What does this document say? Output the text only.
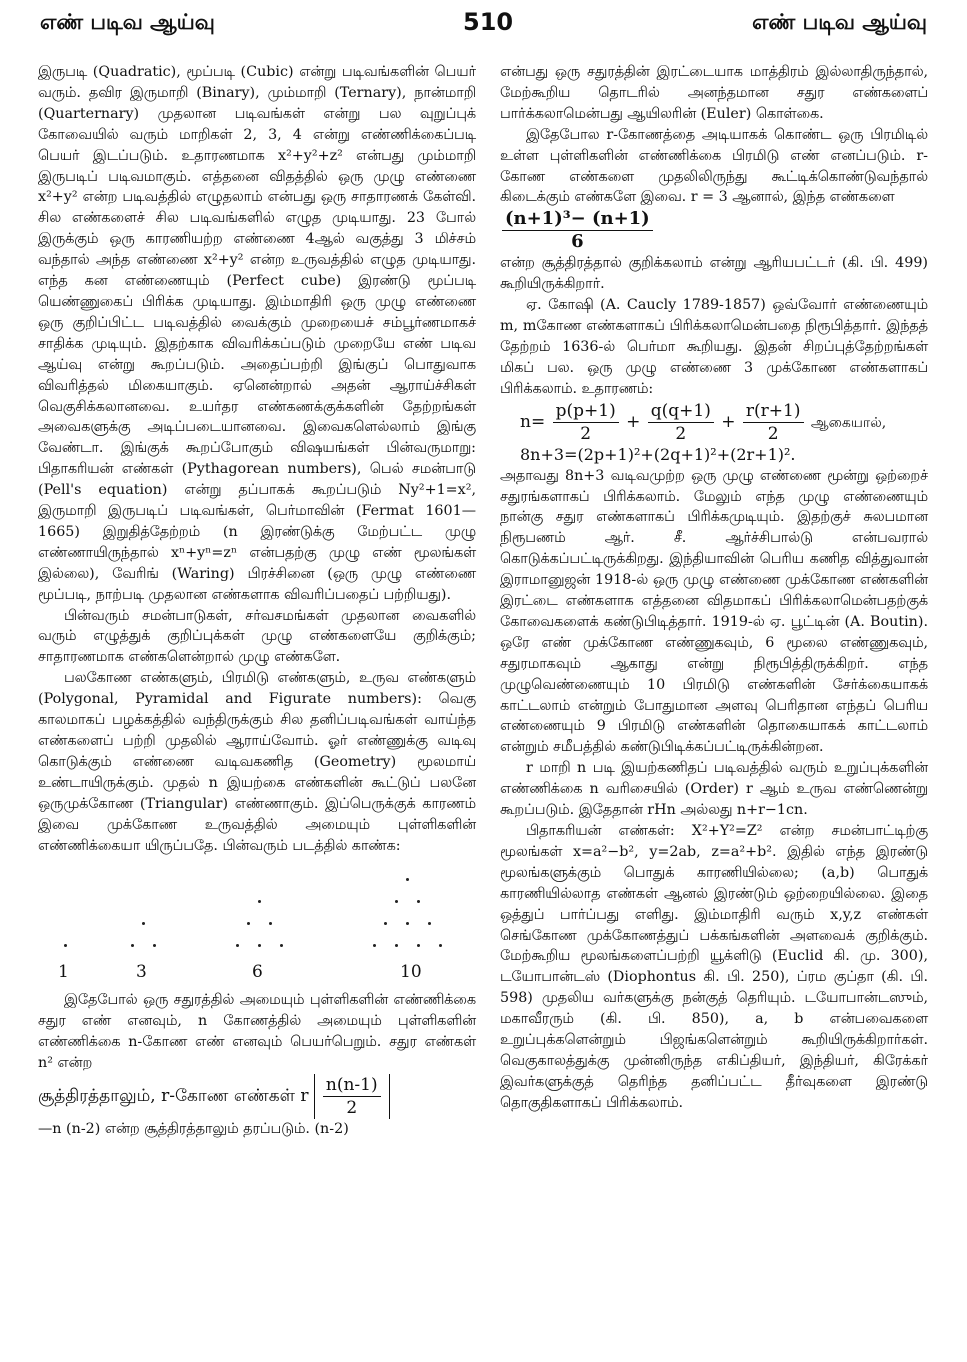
எண் படிவ ஆய்வு	510	எண் படிவ ஆய்வு

இருபடி (Quadratic), மூப்படி (Cubic) என்று படிவங்களின் பெயர் வரும். தவிர இருமாறி (Binary), மும்மாறி (Ternary), நான்மாறி (Quarternary) முதலான படிவங்கள் என்று பல வுறுப்புக் கோவையில் வரும் மாறிகள் 2, 3, 4 என்று எண்ணிக்கைப்படி பெயர் இடப்படும். உதாரணமாக x²+y²+z² என்பது மும்மாறி இருபடிப் படிவமாகும். எத்தனை விதத்தில் ஒரு முழு எண்ணை x²+y² என்ற படிவத்தில் எழுதலாம் என்பது ஒரு சாதாரணக் கேள்வி. சில எண்களைச் சில படிவங்களில் எழுத முடியாது. 23 போல் இருக்கும் ஒரு காரணியற்ற எண்ணை 4ஆல் வகுத்து 3 மிச்சம் வந்தால் அந்த எண்ணை x²+y² என்ற உருவத்தில் எழுத முடியாது. எந்த கன எண்ணையும் (Perfect cube) இரண்டு மூப்படி யெண்ணுகைப் பிரிக்க முடியாது. இம்மாதிரி ஒரு முழு எண்ணை ஒரு குறிப்பிட்ட படிவத்தில் வைக்கும் முறையைச் சம்பூர்ணமாகச் சாதிக்க முடியும். இதற்காக விவரிக்கப்படும் முறையே எண் படிவ ஆய்வு என்று கூறப்படும். அதைப்பற்றி இங்குப் பொதுவாக விவரித்தல் மிகையாகும். ஏனென்றால் அதன் ஆராய்ச்சிகள் வெகுசிக்கலானவை. உயர்தர எண்கணக்குக்களின் தேற்றங்கள் அவைகளுக்கு அடிப்படையானவை. இவைகளெல்லாம் இங்கு வேண்டா. இங்குக் கூறப்போகும் விஷயங்கள் பின்வருமாறு: பிதாகரியன் எண்கள் (Pythagorean numbers), பெல் சமன்பாடு (Pell's equation) என்று தப்பாகக் கூறப்படும் Ny²+1=x², இருமாறி இருபடிப் படிவங்கள், பெர்மாவின் (Fermat 1601—1665) இறுதித்தேற்றம் (n இரண்டுக்கு மேற்பட்ட முழு எண்ணாயிருந்தால் xⁿ+yⁿ=zⁿ என்பதற்கு முழு எண் மூலங்கள் இல்லை), வேரிங் (Waring) பிரச்சினை (ஒரு முழு எண்ணை மூப்படி, நாற்படி முதலான எண்களாக விவரிப்பதைப் பற்றியது).

பின்வரும் சமன்பாடுகள், சர்வசமங்கள் முதலான வைகளில் வரும் எழுத்துக் குறிப்புக்கள் முழு எண்களையே குறிக்கும்; சாதாரணமாக எண்களென்றால் முழு எண்களே.

பலகோண எண்களும், பிரமிடு எண்களும், உருவ எண்களும் (Polygonal, Pyramidal and Figurate numbers): வெகு காலமாகப் பழக்கத்தில் வந்திருக்கும் சில தனிப்படிவங்கள் வாய்ந்த எண்களைப் பற்றி முதலில் ஆராய்வோம். ஓர் எண்ணுக்கு வடிவு கொடுக்கும் எண்ணை வடிவகணித (Geometry) மூலமாய் உண்டாயிருக்கும். முதல் n இயற்கை எண்களின் கூட்டுப் பலனே ஒருமுக்கோண (Triangular) எண்ணாகும். இப்பெருக்குக் காரணம் இவை முக்கோண உருவத்தில் அமையும் புள்ளிகளின் எண்ணிக்கையா யிருப்பதே. பின்வரும் படத்தில் காண்க:

1	3	6	10

இதேபோல் ஒரு சதுரத்தில் அமையும் புள்ளிகளின் எண்ணிக்கை சதுர எண் எனவும், n கோணத்தில் அமையும் புள்ளிகளின் எண்ணிக்கை n-கோண எண் எனவும் பெயர்பெறும். சதுர எண்கள் n² என்ற

சூத்திரத்தாலும், r-கோண எண்கள் r $\frac{n(n-1)}{2}$

—n (n-2) என்ற சூத்திரத்தாலும் தரப்படும். (n-2)

என்பது ஒரு சதுரத்தின் இரட்டையாக மாத்திரம் இல்லாதிருந்தால், மேற்கூறிய தொடரில் அனந்தமான சதுர எண்களைப் பார்க்கலாமென்பது ஆயிலரின் (Euler) கொள்கை.

இதேபோல r-கோணத்தை அடியாகக் கொண்ட ஒரு பிரமிடில் உள்ள புள்ளிகளின் எண்ணிக்கை பிரமிடு எண் எனப்படும். r-கோண எண்களை முதலிலிருந்து கூட்டிக்கொண்டுவந்தால் கிடைக்கும் எண்களே இவை. r = 3 ஆனால், இந்த எண்களை

$\frac{\text{(n+1)³− (n+1)}}{6}$

என்ற சூத்திரத்தால் குறிக்கலாம் என்று ஆரியபட்டர் (கி. பி. 499) கூறியிருக்கிறார்.

ஏ. கோஷி (A. Caucly 1789-1857) ஒவ்வோர் எண்ணையும் m, mகோண எண்களாகப் பிரிக்கலாமென்பதை நிரூபித்தார். இந்தத் தேற்றம் 1636-ல் பெர்மா கூறியது. இதன் சிறப்புத்தேற்றங்கள் மிகப் பல. ஒரு முழு எண்ணை 3 முக்கோண எண்களாகப் பிரிக்கலாம். உதாரணம்:

$n= \frac{p(p+1)}{2} + \frac{q(q+1)}{2} + \frac{r(r+1)}{2}$ ஆகையால்,

8n+3=(2p+1)²+(2q+1)²+(2r+1)².

அதாவது 8n+3 வடிவமுற்ற ஒரு முழு எண்ணை மூன்று ஒற்றைச் சதுரங்களாகப் பிரிக்கலாம். மேலும் எந்த முழு எண்ணையும் நான்கு சதுர எண்களாகப் பிரிக்கமுடியும். இதற்குச் சுலபமான நிரூபணம் ஆர். சீ. ஆர்ச்சிபால்டு என்பவரால் கொடுக்கப்பட்டிருக்கிறது. இந்தியாவின் பெரிய கணித வித்துவான் இராமானுஜன் 1918-ல் ஒரு முழு எண்ணை முக்கோண எண்களின் இரட்டை எண்களாக எத்தனை விதமாகப் பிரிக்கலாமென்பதற்குக் கோவைகளைக் கண்டுபிடித்தார். 1919-ல் ஏ. பூட்டின் (A. Boutin). ஒரே எண் முக்கோண எண்ணுகவும், 6 மூலை எண்ணுகவும், சதுரமாகவும் ஆகாது என்று நிரூபித்திருக்கிறர். எந்த முழுவெண்ணையும் 10 பிரமிடு எண்களின் சேர்க்கையாகக் காட்டலாம் என்றும் போதுமான அளவு பெரிதான எந்தப் பெரிய எண்ணையும் 9 பிரமிடு எண்களின் தொகையாகக் காட்டலாம் என்றும் சமீபத்தில் கண்டுபிடிக்கப்பட்டிருக்கின்றன.

r மாறி n படி இயற்கணிதப் படிவத்தில் வரும் உறுப்புக்களின் எண்ணிக்கை n வரிசையில் (Order) r ஆம் உருவ எண்ணென்று கூறப்படும். இதேதான் rHn அல்லது n+r−1cn.

பிதாகரியன் எண்கள்: X²+Y²=Z² என்ற சமன்பாட்டிற்கு மூலங்கள் x=a²−b², y=2ab, z=a²+b². இதில் எந்த இரண்டு மூலங்களுக்கும் பொதுக் காரணியில்லை; (a,b) பொதுக் காரணியில்லாத எண்கள் ஆனல் இரண்டும் ஒற்றையில்லை. இதை ஒத்துப் பார்ப்பது எளிது. இம்மாதிரி வரும் x,y,z எண்கள் செங்கோண முக்கோணத்துப் பக்கங்களின் அளவைக் குறிக்கும். மேற்கூறிய மூலங்களைப்பற்றி யூக்ளிடு (Euclid கி. மு. 300), டயோபான்டஸ் (Diophontus கி. பி. 250), ப்ரம குப்தா (கி. பி. 598) முதலிய வர்களுக்கு நன்குத் தெரியும். டயோபான்டஸும், மகாவீரரும் (கி. பி. 850), a, b என்பவைகளை உறுப்புக்களென்றும் பிஜங்களென்றும் கூறியிருக்கிறார்கள். வெகுகாலத்துக்கு முன்னிருந்த எகிப்தியர், இந்தியர், கிரேக்கர் இவர்களுக்குத் தெரிந்த தனிப்பட்ட தீர்வுகளை இரண்டு தொகுதிகளாகப் பிரிக்கலாம்.
